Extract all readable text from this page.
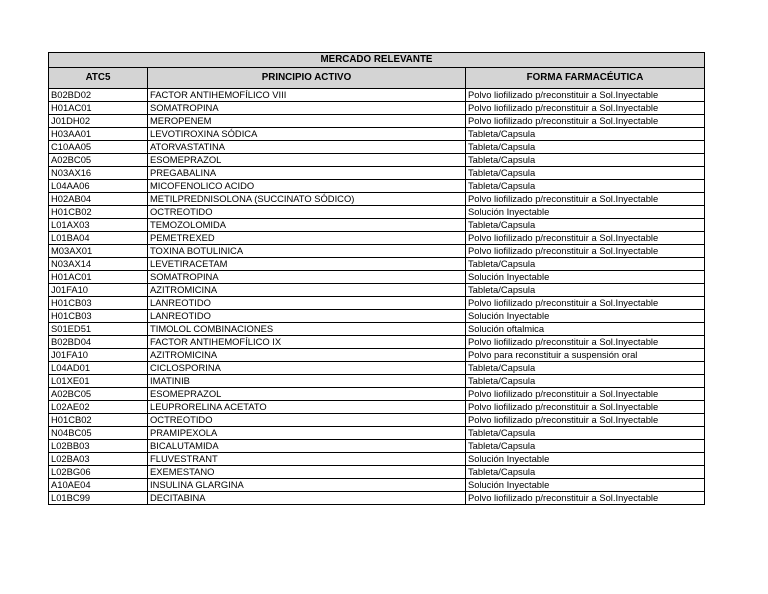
MERCADO RELEVANTE		
ATC5	PRINCIPIO ACTIVO	FORMA FARMACÉUTICA
B02BD02	FACTOR ANTIHEMOFÍLICO VIII	Polvo liofilizado p/reconstituir a Sol.Inyectable
H01AC01	SOMATROPINA	Polvo liofilizado p/reconstituir a Sol.Inyectable
J01DH02	MEROPENEM	Polvo liofilizado p/reconstituir a Sol.Inyectable
H03AA01	LEVOTIROXINA SÓDICA	Tableta/Capsula
C10AA05	ATORVASTATINA	Tableta/Capsula
A02BC05	ESOMEPRAZOL	Tableta/Capsula
N03AX16	PREGABALINA	Tableta/Capsula
L04AA06	MICOFENOLICO ACIDO	Tableta/Capsula
H02AB04	METILPREDNISOLONA (SUCCINATO SÓDICO)	Polvo liofilizado p/reconstituir a Sol.Inyectable
H01CB02	OCTREOTIDO	Solución Inyectable
L01AX03	TEMOZOLOMIDA	Tableta/Capsula
L01BA04	PEMETREXED	Polvo liofilizado p/reconstituir a Sol.Inyectable
M03AX01	TOXINA BOTULINICA	Polvo liofilizado p/reconstituir a Sol.Inyectable
N03AX14	LEVETIRACETAM	Tableta/Capsula
H01AC01	SOMATROPINA	Solución Inyectable
J01FA10	AZITROMICINA	Tableta/Capsula
H01CB03	LANREOTIDO	Polvo liofilizado p/reconstituir a Sol.Inyectable
H01CB03	LANREOTIDO	Solución Inyectable
S01ED51	TIMOLOL COMBINACIONES	Solución oftalmica
B02BD04	FACTOR ANTIHEMOFÍLICO IX	Polvo liofilizado p/reconstituir a Sol.Inyectable
J01FA10	AZITROMICINA	Polvo para reconstituir a suspensión oral
L04AD01	CICLOSPORINA	Tableta/Capsula
L01XE01	IMATINIB	Tableta/Capsula
A02BC05	ESOMEPRAZOL	Polvo liofilizado p/reconstituir a Sol.Inyectable
L02AE02	LEUPRORELINA ACETATO	Polvo liofilizado p/reconstituir a Sol.Inyectable
H01CB02	OCTREOTIDO	Polvo liofilizado p/reconstituir a Sol.Inyectable
N04BC05	PRAMIPEXOLA	Tableta/Capsula
L02BB03	BICALUTAMIDA	Tableta/Capsula
L02BA03	FLUVESTRANT	Solución Inyectable
L02BG06	EXEMESTANO	Tableta/Capsula
A10AE04	INSULINA GLARGINA	Solución Inyectable
L01BC99	DECITABINA	Polvo liofilizado p/reconstituir a Sol.Inyectable
